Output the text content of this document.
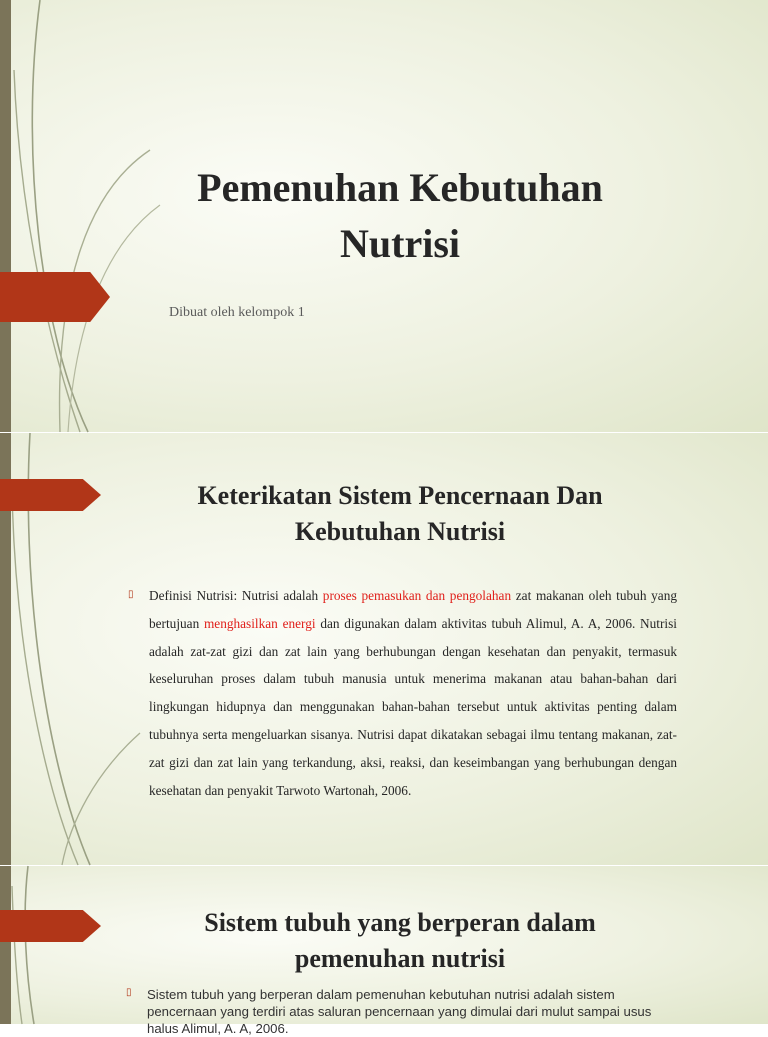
Pemenuhan Kebutuhan
Nutrisi
Dibuat oleh kelompok 1
Keterikatan Sistem Pencernaan Dan
Kebutuhan Nutrisi
▯ Definisi Nutrisi: Nutrisi adalah proses pemasukan dan pengolahan zat makanan oleh tubuh yang bertujuan menghasilkan energi dan digunakan dalam aktivitas tubuh Alimul, A. A, 2006. Nutrisi adalah zat-zat gizi dan zat lain yang berhubungan dengan kesehatan dan penyakit, termasuk keseluruhan proses dalam tubuh manusia untuk menerima makanan atau bahan-bahan dari lingkungan hidupnya dan menggunakan bahan-bahan tersebut untuk aktivitas penting dalam tubuhnya serta mengeluarkan sisanya. Nutrisi dapat dikatakan sebagai ilmu tentang makanan, zat-zat gizi dan zat lain yang terkandung, aksi, reaksi, dan keseimbangan yang berhubungan dengan kesehatan dan penyakit Tarwoto Wartonah, 2006.
Sistem tubuh yang berperan dalam
pemenuhan nutrisi
▯ Sistem tubuh yang berperan dalam pemenuhan kebutuhan nutrisi adalah sistem pencernaan yang terdiri atas saluran pencernaan yang dimulai dari mulut sampai usus halus Alimul, A. A, 2006.
